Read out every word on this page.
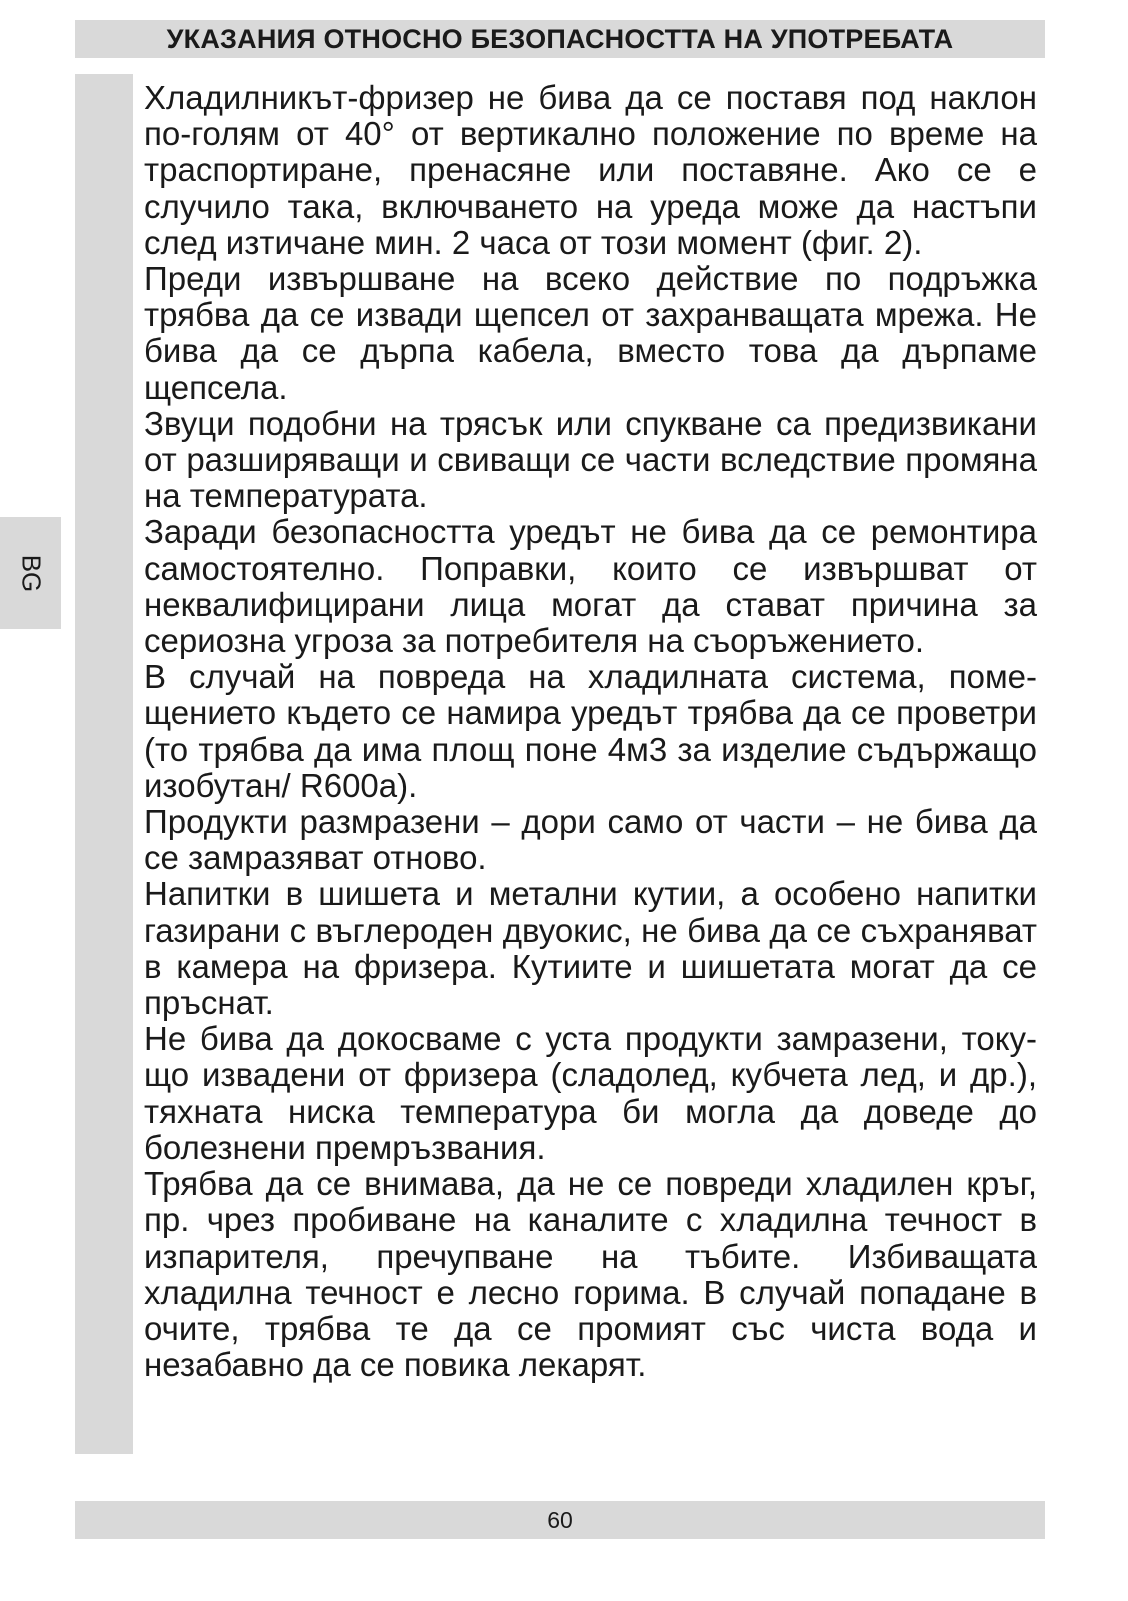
УКАЗАНИЯ ОТНОСНО БЕЗОПАСНОСТТА НА УПОТРЕБАТА
BG

Хладилникът-фризер не бива да се поставя под наклон по-голям от 40° от вертикално положение по време на траспортиране, пренасяне или поставяне. Ако се е случило така, включването на уреда може да настъпи след изтичане мин. 2 часа от този момент (фиг. 2).

Преди извършване на всеко действие по подръжка трябва да се извади щепсел от захранващата мрежа. Не бива да се дърпа кабела, вместо това да дърпаме щепсела.

Звуци подобни на трясък или спукване са предизвикани от разширяващи и свиващи се части вследствие промяна на температурата.

Заради безопасността уредът не бива да се ремонтира самостоятелно. Поправки, които се извършват от неквалифицирани лица могат да стават причина за сериозна угроза за потребителя на съоръжението.

В случай на повреда на хладилната система, помещението където се намира уредът трябва да се проветри (то трябва да има площ поне 4м3 за изделие съдържащо изобутан/ R600a).

Продукти размразени – дори само от части – не бива да се замразяват отново.

Напитки в шишета и метални кутии, а особено напитки газирани с въглероден двуокис, не бива да се съхраняват в камера на фризера. Кутиите и шишетата могат да се пръснат.

Не бива да докосваме с уста продукти замразени, току-що извадени от фризера (сладолед, кубчета лед, и др.), тяхната ниска температура би могла да доведе до болезнени премръзвания.

Трябва да се внимава, да не се повреди хладилен кръг, пр. чрез пробиване на каналите с хладилна течност в изпарителя, пречупване на тъбите. Избиващата хладилна течност е лесно горима. В случай попадане в очите, трябва те да се промият със чиста вода и незабавно да се повика лекарят.

60
